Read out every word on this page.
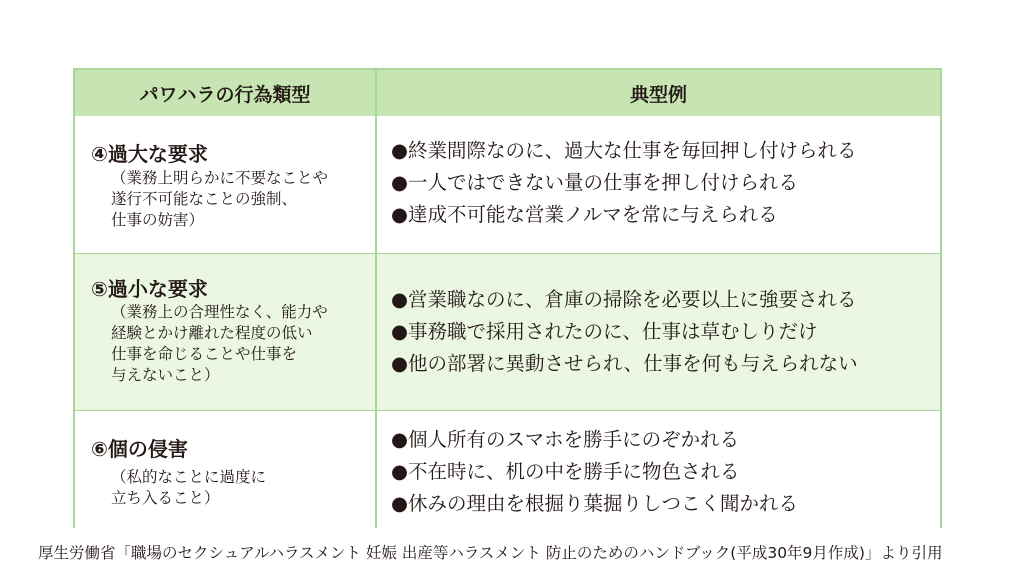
パワハラの行為類型	典型例
④過大な要求
（業務上明らかに不要なことや
遂行不可能なことの強制、
仕事の妨害）
●終業間際なのに、過大な仕事を毎回押し付けられる
●一人ではできない量の仕事を押し付けられる
●達成不可能な営業ノルマを常に与えられる
⑤過小な要求
（業務上の合理性なく、能力や
経験とかけ離れた程度の低い
仕事を命じることや仕事を
与えないこと）
●営業職なのに、倉庫の掃除を必要以上に強要される
●事務職で採用されたのに、仕事は草むしりだけ
●他の部署に異動させられ、仕事を何も与えられない
⑥個の侵害
（私的なことに過度に
立ち入ること）
●個人所有のスマホを勝手にのぞかれる
●不在時に、机の中を勝手に物色される
●休みの理由を根掘り葉掘りしつこく聞かれる
厚生労働省「職場のセクシュアルハラスメント 妊娠 出産等ハラスメント 防止のためのハンドブック(平成30年9月作成)」より引用
